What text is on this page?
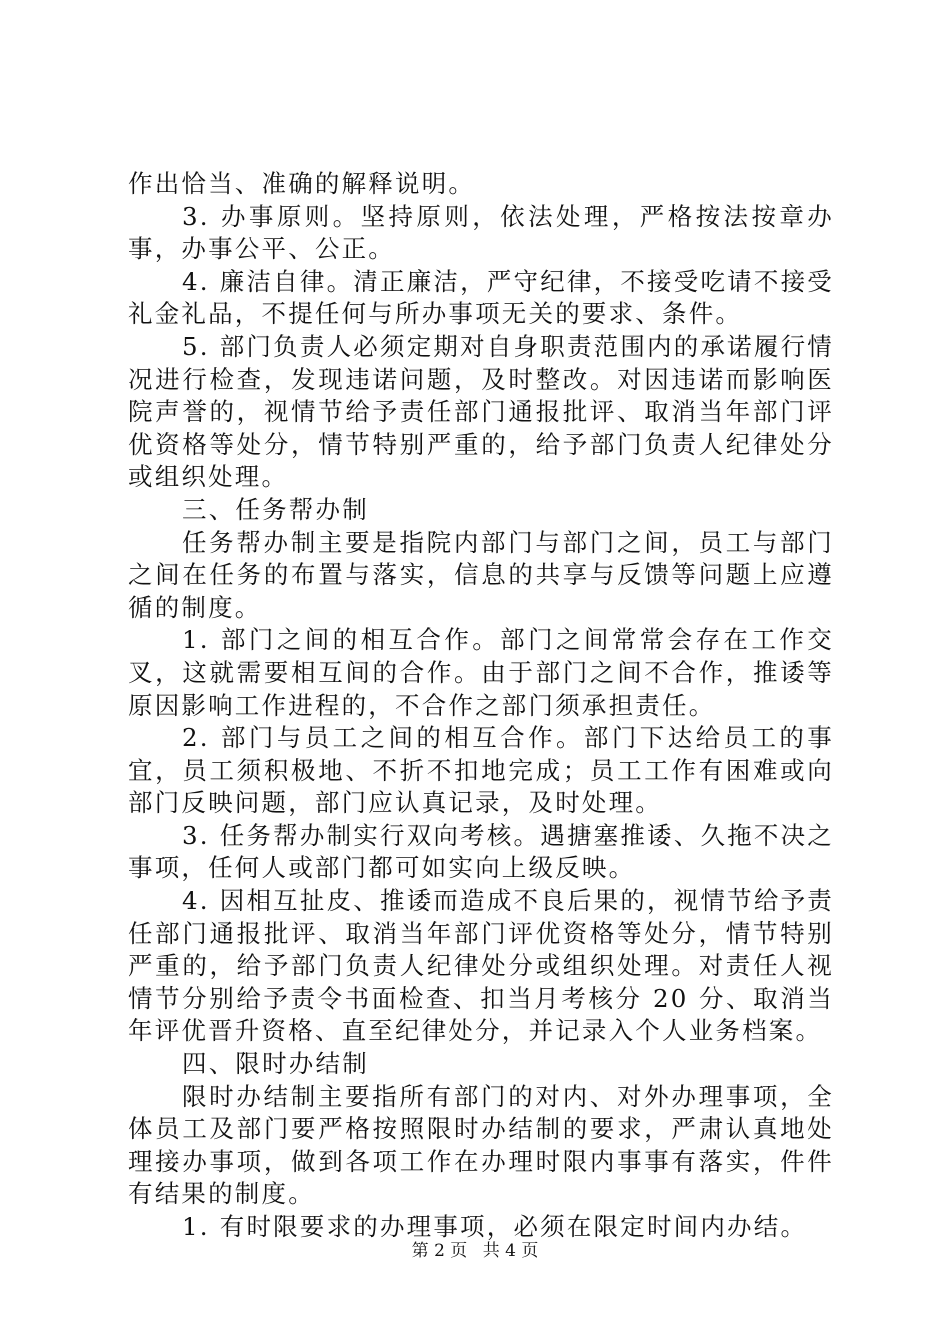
作出恰当、准确的解释说明。

3. 办事原则。坚持原则，依法处理，严格按法按章办事，办事公平、公正。

4. 廉洁自律。清正廉洁，严守纪律，不接受吃请不接受礼金礼品，不提任何与所办事项无关的要求、条件。

5. 部门负责人必须定期对自身职责范围内的承诺履行情况进行检查，发现违诺问题，及时整改。对因违诺而影响医院声誉的，视情节给予责任部门通报批评、取消当年部门评优资格等处分，情节特别严重的，给予部门负责人纪律处分或组织处理。

三、任务帮办制

任务帮办制主要是指院内部门与部门之间，员工与部门之间在任务的布置与落实，信息的共享与反馈等问题上应遵循的制度。

1. 部门之间的相互合作。部门之间常常会存在工作交叉，这就需要相互间的合作。由于部门之间不合作，推诿等原因影响工作进程的，不合作之部门须承担责任。

2. 部门与员工之间的相互合作。部门下达给员工的事宜，员工须积极地、不折不扣地完成；员工工作有困难或向部门反映问题，部门应认真记录，及时处理。

3. 任务帮办制实行双向考核。遇搪塞推诿、久拖不决之事项，任何人或部门都可如实向上级反映。

4. 因相互扯皮、推诿而造成不良后果的，视情节给予责任部门通报批评、取消当年部门评优资格等处分，情节特别严重的，给予部门负责人纪律处分或组织处理。对责任人视情节分别给予责令书面检查、扣当月考核分 20 分、取消当年评优晋升资格、直至纪律处分，并记录入个人业务档案。

四、限时办结制

限时办结制主要指所有部门的对内、对外办理事项，全体员工及部门要严格按照限时办结制的要求，严肃认真地处理接办事项，做到各项工作在办理时限内事事有落实，件件有结果的制度。

1. 有时限要求的办理事项，必须在限定时间内办结。

第 2 页 共 4 页
